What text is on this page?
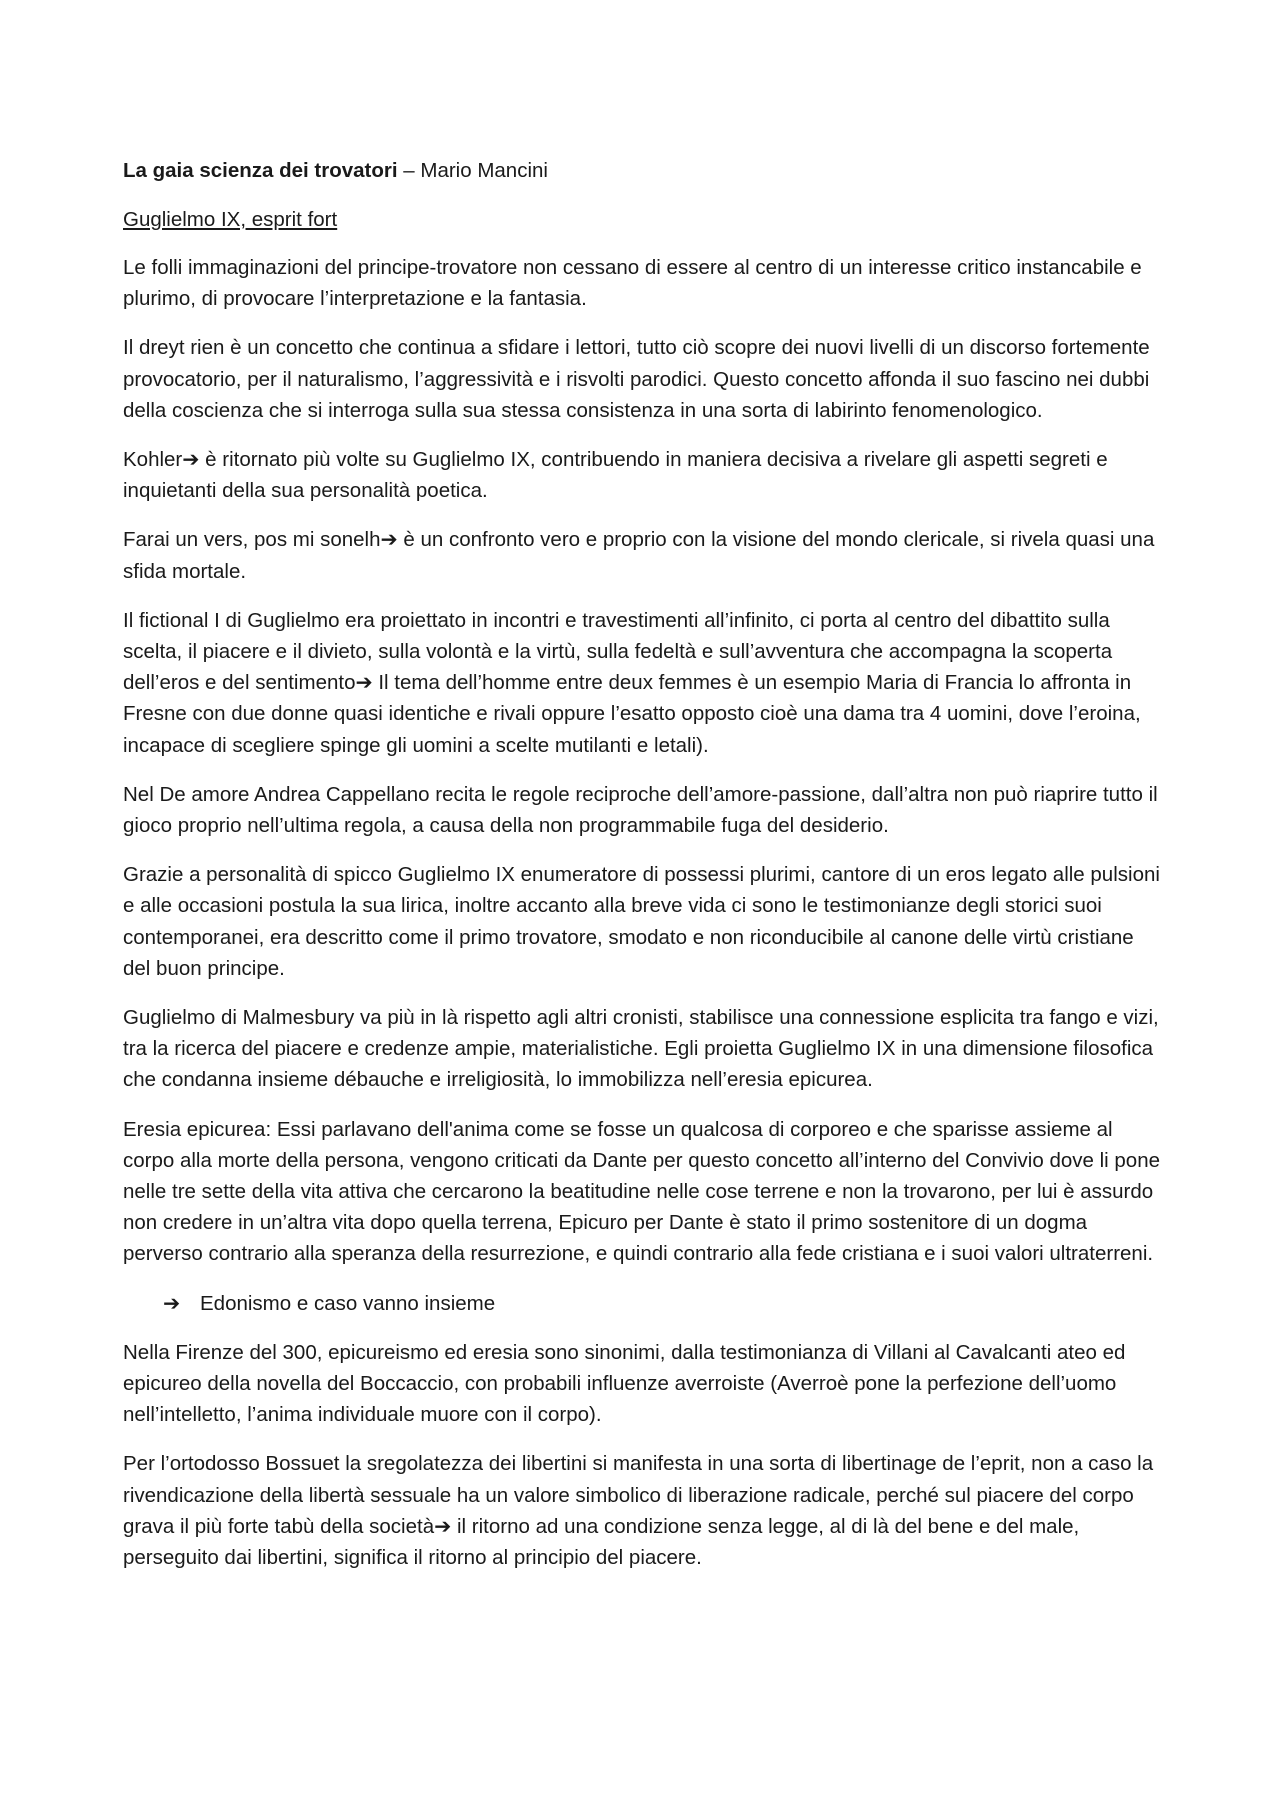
La gaia scienza dei trovatori – Mario Mancini
Guglielmo IX, esprit fort

Le folli immaginazioni del principe-trovatore non cessano di essere al centro di un interesse critico instancabile e plurimo, di provocare l’interpretazione e la fantasia.

Il dreyt rien è un concetto che continua a sfidare i lettori, tutto ciò scopre dei nuovi livelli di un discorso fortemente provocatorio, per il naturalismo, l’aggressività e i risvolti parodici. Questo concetto affonda il suo fascino nei dubbi della coscienza che si interroga sulla sua stessa consistenza in una sorta di labirinto fenomenologico.

Kohler➔ è ritornato più volte su Guglielmo IX, contribuendo in maniera decisiva a rivelare gli aspetti segreti e inquietanti della sua personalità poetica.

Farai un vers, pos mi sonelh➔ è un confronto vero e proprio con la visione del mondo clericale, si rivela quasi una sfida mortale.

Il fictional I di Guglielmo era proiettato in incontri e travestimenti all’infinito, ci porta al centro del dibattito sulla scelta, il piacere e il divieto, sulla volontà e la virtù, sulla fedeltà e sull’avventura che accompagna la scoperta dell’eros e del sentimento➔ Il tema dell’homme entre deux femmes è un esempio Maria di Francia lo affronta in Fresne con due donne quasi identiche e rivali oppure l’esatto opposto cioè una dama tra 4 uomini, dove l’eroina, incapace di scegliere spinge gli uomini a scelte mutilanti e letali).

Nel De amore Andrea Cappellano recita le regole reciproche dell’amore-passione, dall’altra non può riaprire tutto il gioco proprio nell’ultima regola, a causa della non programmabile fuga del desiderio.

Grazie a personalità di spicco Guglielmo IX enumeratore di possessi plurimi, cantore di un eros legato alle pulsioni e alle occasioni postula la sua lirica, inoltre accanto alla breve vida ci sono le testimonianze degli storici suoi contemporanei, era descritto come il primo trovatore, smodato e non riconducibile al canone delle virtù cristiane del buon principe.

Guglielmo di Malmesbury va più in là rispetto agli altri cronisti, stabilisce una connessione esplicita tra fango e vizi, tra la ricerca del piacere e credenze ampie, materialistiche. Egli proietta Guglielmo IX in una dimensione filosofica che condanna insieme débauche e irreligiosità, lo immobilizza nell’eresia epicurea.

Eresia epicurea: Essi parlavano dell'anima come se fosse un qualcosa di corporeo e che sparisse assieme al corpo alla morte della persona, vengono criticati da Dante per questo concetto all’interno del Convivio dove li pone nelle tre sette della vita attiva che cercarono la beatitudine nelle cose terrene e non la trovarono, per lui è assurdo non credere in un’altra vita dopo quella terrena, Epicuro per Dante è stato il primo sostenitore di un dogma perverso contrario alla speranza della resurrezione, e quindi contrario alla fede cristiana e i suoi valori ultraterreni.

➔ Edonismo e caso vanno insieme

Nella Firenze del 300, epicureismo ed eresia sono sinonimi, dalla testimonianza di Villani al Cavalcanti ateo ed epicureo della novella del Boccaccio, con probabili influenze averroiste (Averroè pone la perfezione dell’uomo nell’intelletto, l’anima individuale muore con il corpo).

Per l’ortodosso Bossuet la sregolatezza dei libertini si manifesta in una sorta di libertinage de l’eprit, non a caso la rivendicazione della libertà sessuale ha un valore simbolico di liberazione radicale, perché sul piacere del corpo grava il più forte tabù della società➔ il ritorno ad una condizione senza legge, al di là del bene e del male, perseguito dai libertini, significa il ritorno al principio del piacere.
